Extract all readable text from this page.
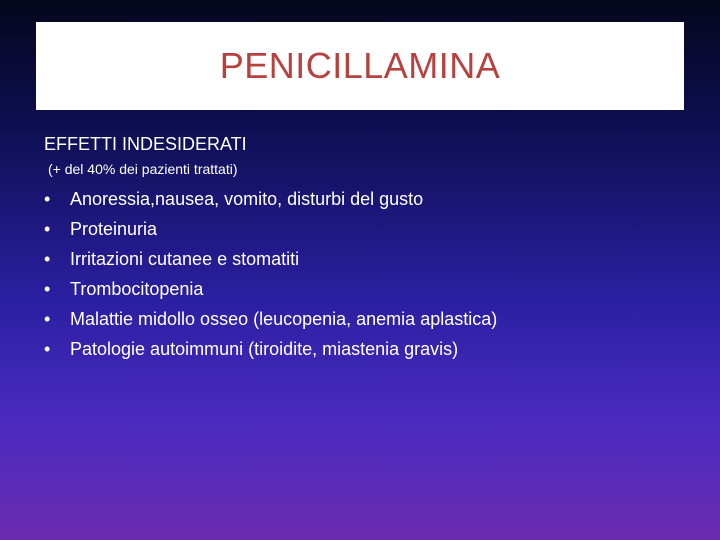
PENICILLAMINA
EFFETTI INDESIDERATI
(+ del 40% dei pazienti trattati)
•	Anoressia,nausea, vomito, disturbi del gusto
•	Proteinuria
•	Irritazioni cutanee e stomatiti
•	Trombocitopenia
•	Malattie midollo osseo (leucopenia, anemia aplastica)
•	Patologie autoimmuni (tiroidite, miastenia gravis)
